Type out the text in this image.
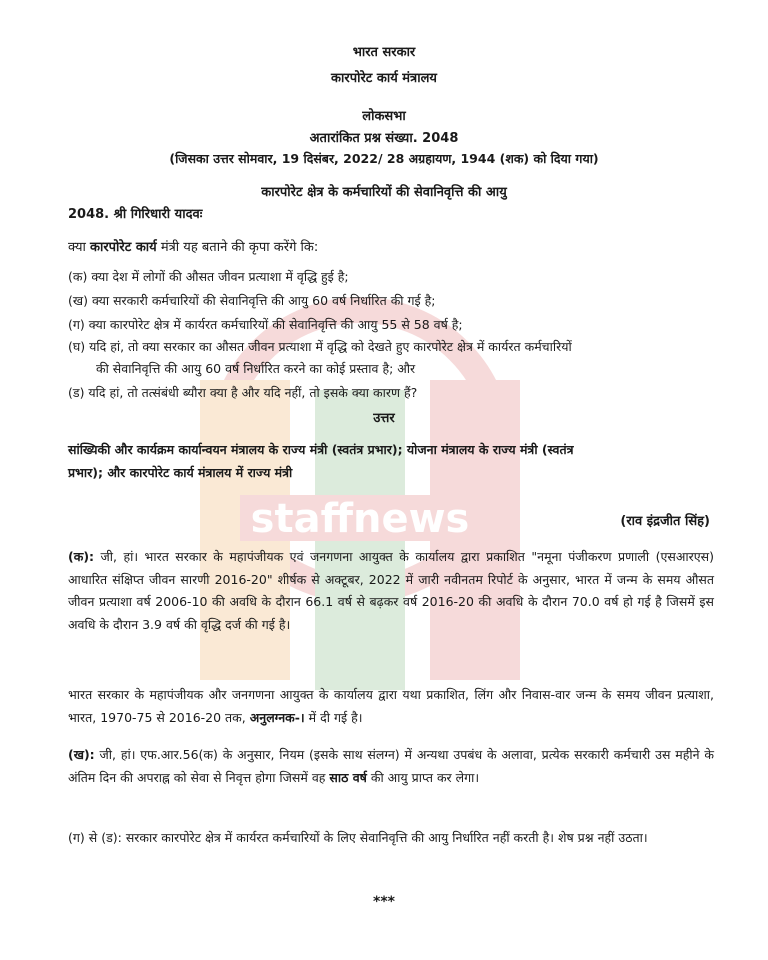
staffnews
भारत सरकार
कारपोरेट कार्य मंत्रालय
लोकसभा
अतारांकित प्रश्न संख्या. 2048
(जिसका उत्तर सोमवार, 19 दिसंबर, 2022/ 28 अग्रहायण, 1944 (शक) को दिया गया)
कारपोरेट क्षेत्र के कर्मचारियों की सेवानिवृत्ति की आयु
2048. श्री गिरिधारी यादवः
क्या कारपोरेट कार्य मंत्री यह बताने की कृपा करेंगे कि:
(क) क्या देश में लोगों की औसत जीवन प्रत्याशा में वृद्धि हुई है;
(ख) क्या सरकारी कर्मचारियों की सेवानिवृत्ति की आयु 60 वर्ष निर्धारित की गई है;
(ग) क्या कारपोरेट क्षेत्र में कार्यरत कर्मचारियों की सेवानिवृत्ति की आयु 55 से 58 वर्ष है;
(घ) यदि हां, तो क्या सरकार का औसत जीवन प्रत्याशा में वृद्धि को देखते हुए कारपोरेट क्षेत्र में कार्यरत कर्मचारियों
की सेवानिवृत्ति की आयु 60 वर्ष निर्धारित करने का कोई प्रस्ताव है; और
(ड) यदि हां, तो तत्संबंधी ब्यौरा क्या है और यदि नहीं, तो इसके क्या कारण हैं?
उत्तर
सांख्यिकी और कार्यक्रम कार्यान्वयन मंत्रालय के राज्य मंत्री (स्वतंत्र प्रभार); योजना मंत्रालय के राज्य मंत्री (स्वतंत्र
प्रभार); और कारपोरेट कार्य मंत्रालय में राज्य मंत्री
(राव इंद्रजीत सिंह)
(क): जी, हां। भारत सरकार के महापंजीयक एवं जनगणना आयुक्त के कार्यालय द्वारा प्रकाशित "नमूना पंजीकरण प्रणाली (एसआरएस) आधारित संक्षिप्त जीवन सारणी 2016-20" शीर्षक से अक्टूबर, 2022 में जारी नवीनतम रिपोर्ट के अनुसार, भारत में जन्म के समय औसत जीवन प्रत्याशा वर्ष 2006-10 की अवधि के दौरान 66.1 वर्ष से बढ़कर वर्ष 2016-20 की अवधि के दौरान 70.0 वर्ष हो गई है जिसमें इस अवधि के दौरान 3.9 वर्ष की वृद्धि दर्ज की गई है।
भारत सरकार के महापंजीयक और जनगणना आयुक्त के कार्यालय द्वारा यथा प्रकाशित, लिंग और निवास-वार जन्म के समय जीवन प्रत्याशा, भारत, 1970-75 से 2016-20 तक, अनुलग्नक-। में दी गई है।
(ख): जी, हां। एफ.आर.56(क) के अनुसार, नियम (इसके साथ संलग्न) में अन्यथा उपबंध के अलावा, प्रत्येक सरकारी कर्मचारी उस महीने के अंतिम दिन की अपराह्न को सेवा से निवृत्त होगा जिसमें वह साठ वर्ष की आयु प्राप्त कर लेगा।
(ग) से (ड): सरकार कारपोरेट क्षेत्र में कार्यरत कर्मचारियों के लिए सेवानिवृत्ति की आयु निर्धारित नहीं करती है। शेष प्रश्न नहीं उठता।
***
